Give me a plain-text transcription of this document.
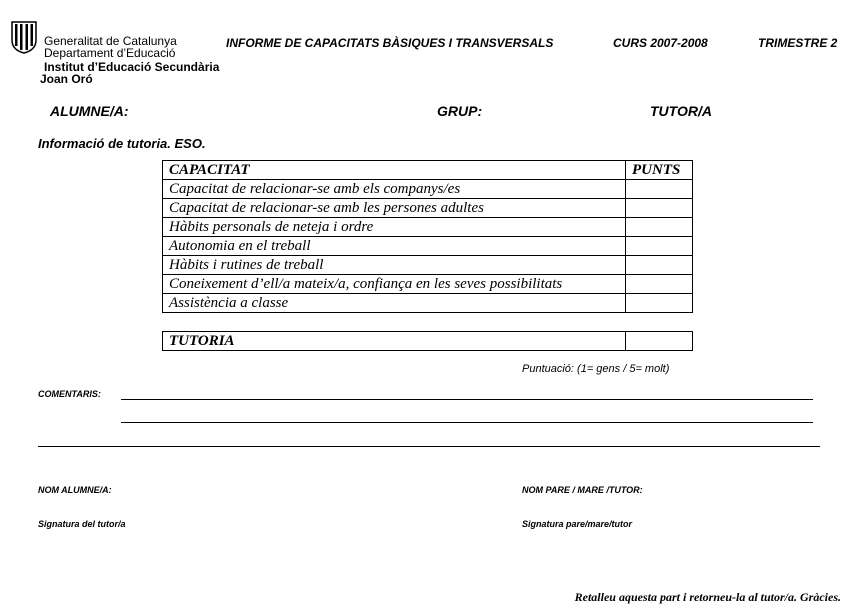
Generalitat de Catalunya
Departament d’Educació
Institut d’Educació Secundària
Joan Oró
INFORME DE CAPACITATS BÀSIQUES I TRANSVERSALS	CURS 2007-2008	TRIMESTRE 2
ALUMNE/A:	GRUP:	TUTOR/A
Informació de tutoria. ESO.
CAPACITAT	PUNTS
Capacitat de relacionar-se amb els companys/es	
Capacitat de relacionar-se amb les persones adultes	
Hàbits personals de neteja i ordre	
Autonomia en el treball	
Hàbits i rutines de treball	
Coneixement d’ell/a mateix/a, confiança en les seves possibilitats	
Assistència a classe	
TUTORIA	
Puntuació: (1= gens / 5= molt)
COMENTARIS:
NOM ALUMNE/A:	NOM PARE / MARE /TUTOR:
Signatura del tutor/a	Signatura pare/mare/tutor
Retalleu aquesta part i retorneu-la al tutor/a. Gràcies.
